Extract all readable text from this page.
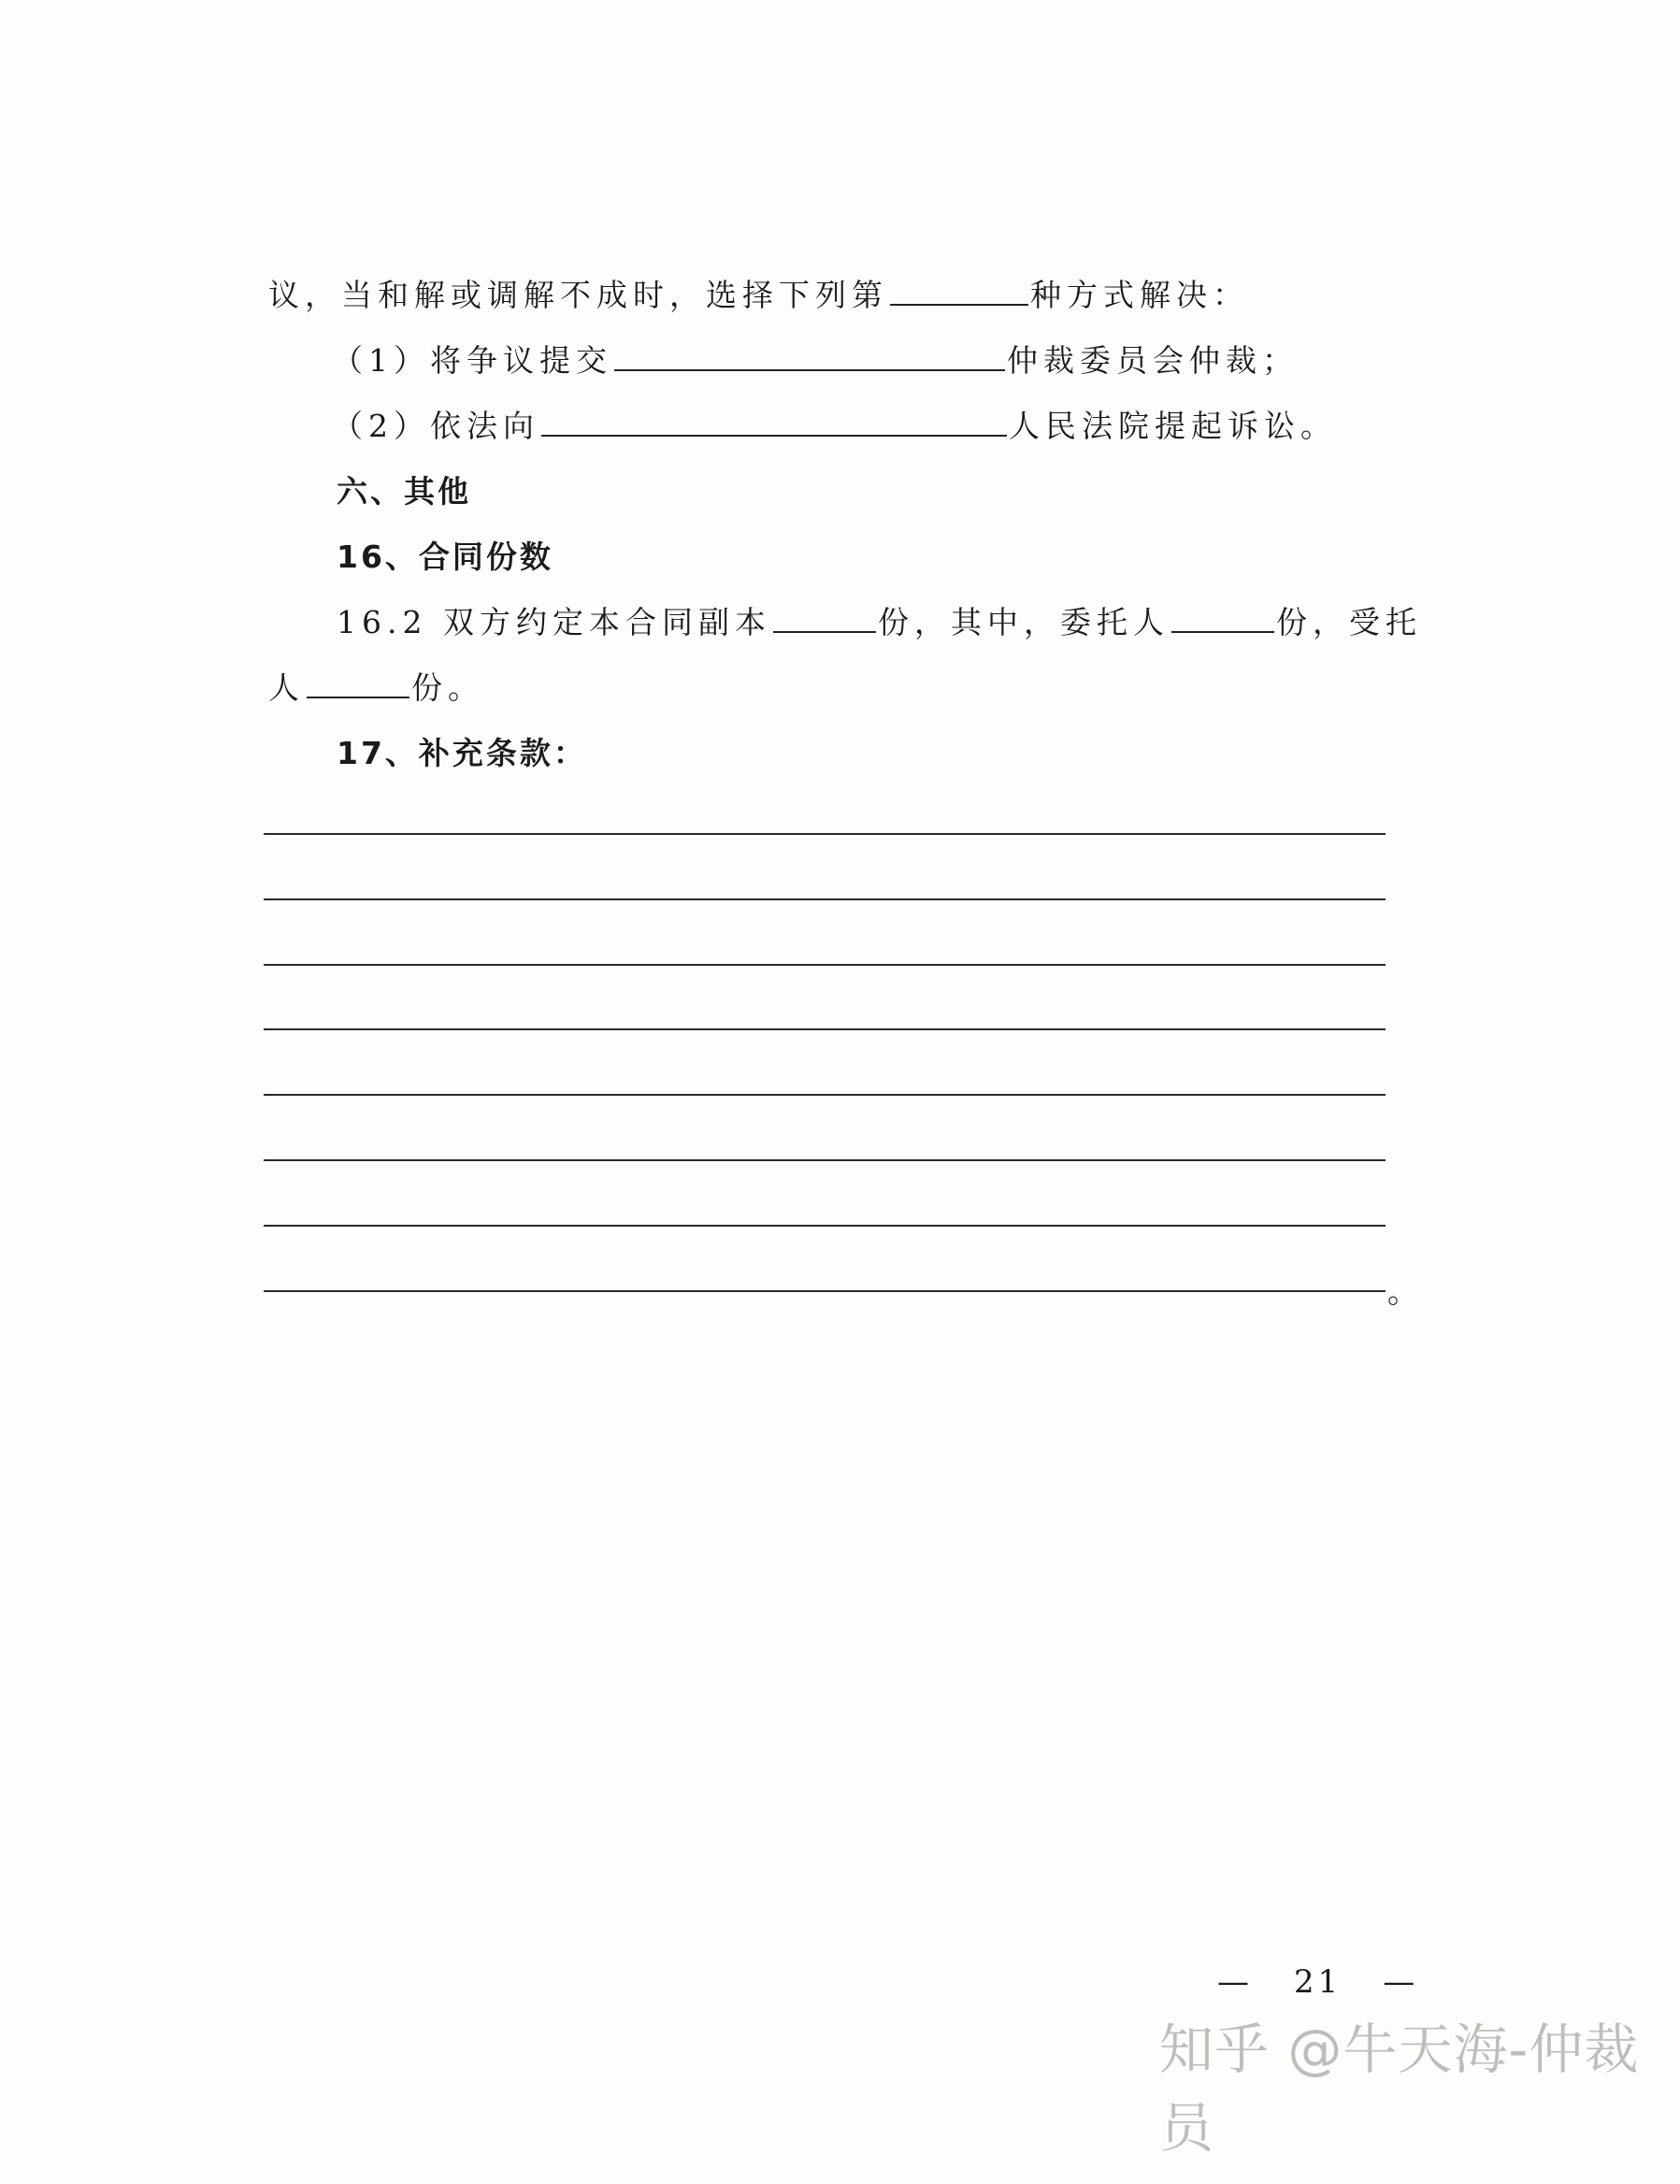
议，当和解或调解不成时，选择下列第	种方式解决：
（1）将争议提交	仲裁委员会仲裁；
（2）依法向	人民法院提起诉讼。
六、其他
16、合同份数
16.2 双方约定本合同副本	份，其中，委托人	份，受托
人	份。
17、补充条款：
。
— 21 —
知乎 @牛天海-仲裁员
